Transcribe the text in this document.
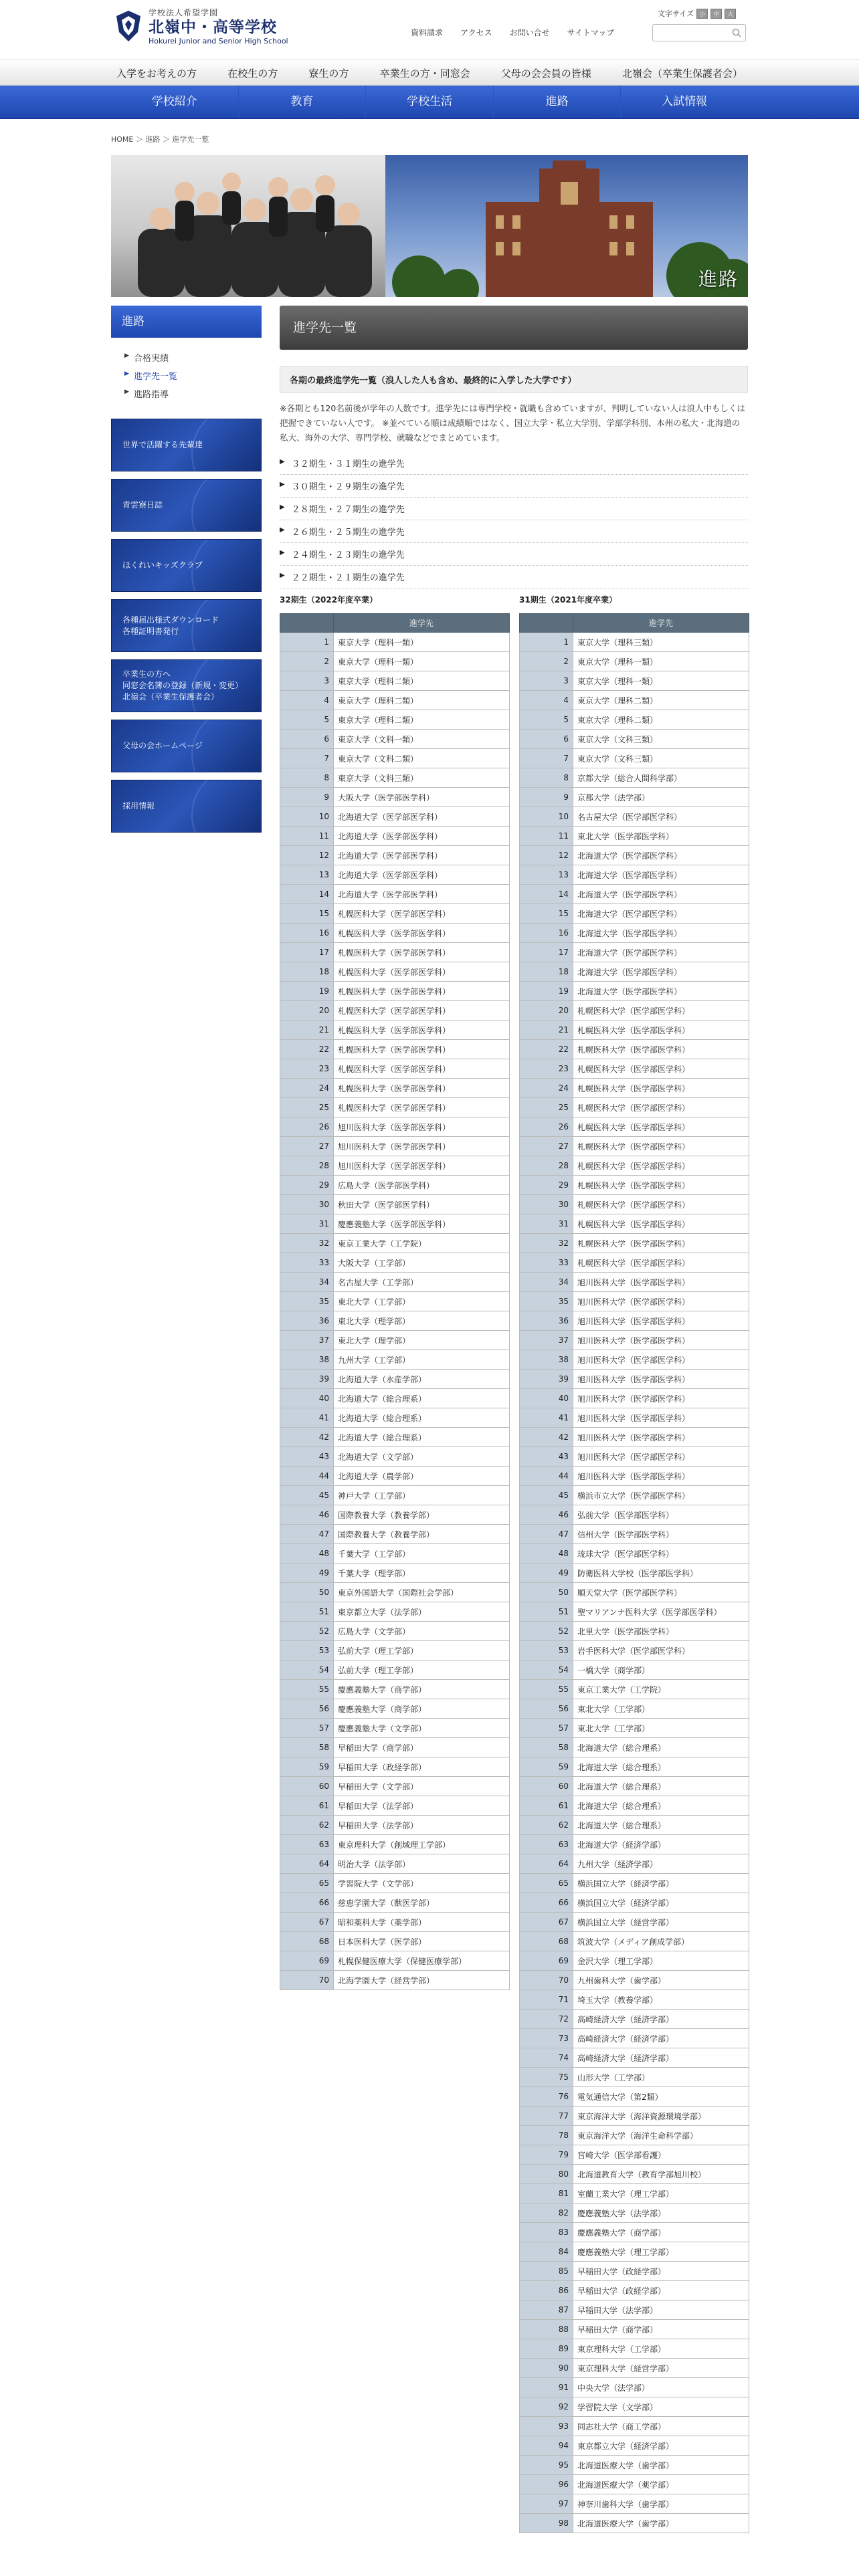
学校法人希望学園
北嶺中・高等学校
Hokurei Junior and Senior High School
資料請求 アクセス お問い合せ サイトマップ
文字サイズ 小	中	大
入学をお考えの方	在校生の方	寮生の方	卒業生の方・同窓会	父母の会会員の皆様	北嶺会（卒業生保護者会）
学校紹介	教育	学校生活	進路	入試情報
HOME ＞ 進路 ＞ 進学先一覧
進路
進路
▶ 合格実績
▶ 進学先一覧
▶ 進路指導
世界で活躍する先輩達
青雲寮日誌
ほくれいキッズクラブ
各種届出様式ダウンロード
各種証明書発行
卒業生の方へ
同窓会名簿の登録（新規・変更）
北嶺会（卒業生保護者会）
父母の会ホームページ
採用情報
進学先一覧
各期の最終進学先一覧（浪人した人も含め、最終的に入学した大学です）
※各期とも120名前後が学年の人数です。進学先には専門学校・就職も含めていますが、判明していない人は浪人中もしくは把握できていない人です。 ※並べている順は成績順ではなく、国立大学・私立大学別、学部学科別、本州の私大・北海道の私大、海外の大学、専門学校、就職などでまとめています。
▶ ３２期生・３１期生の進学先
▶ ３０期生・２９期生の進学先
▶ ２８期生・２７期生の進学先
▶ ２６期生・２５期生の進学先
▶ ２４期生・２３期生の進学先
▶ ２２期生・２１期生の進学先
32期生（2022年度卒業）
	進学先
1	東京大学（理科一類）
2	東京大学（理科一類）
3	東京大学（理科二類）
4	東京大学（理科二類）
5	東京大学（理科二類）
6	東京大学（文科一類）
7	東京大学（文科二類）
8	東京大学（文科三類）
9	大阪大学（医学部医学科）
10	北海道大学（医学部医学科）
11	北海道大学（医学部医学科）
12	北海道大学（医学部医学科）
13	北海道大学（医学部医学科）
14	北海道大学（医学部医学科）
15	札幌医科大学（医学部医学科）
16	札幌医科大学（医学部医学科）
17	札幌医科大学（医学部医学科）
18	札幌医科大学（医学部医学科）
19	札幌医科大学（医学部医学科）
20	札幌医科大学（医学部医学科）
21	札幌医科大学（医学部医学科）
22	札幌医科大学（医学部医学科）
23	札幌医科大学（医学部医学科）
24	札幌医科大学（医学部医学科）
25	札幌医科大学（医学部医学科）
26	旭川医科大学（医学部医学科）
27	旭川医科大学（医学部医学科）
28	旭川医科大学（医学部医学科）
29	広島大学（医学部医学科）
30	秋田大学（医学部医学科）
31	慶應義塾大学（医学部医学科）
32	東京工業大学（工学院）
33	大阪大学（工学部）
34	名古屋大学（工学部）
35	東北大学（工学部）
36	東北大学（理学部）
37	東北大学（理学部）
38	九州大学（工学部）
39	北海道大学（水産学部）
40	北海道大学（総合理系）
41	北海道大学（総合理系）
42	北海道大学（総合理系）
43	北海道大学（文学部）
44	北海道大学（農学部）
45	神戸大学（工学部）
46	国際教養大学（教養学部）
47	国際教養大学（教養学部）
48	千葉大学（工学部）
49	千葉大学（理学部）
50	東京外国語大学（国際社会学部）
51	東京都立大学（法学部）
52	広島大学（文学部）
53	弘前大学（理工学部）
54	弘前大学（理工学部）
55	慶應義塾大学（商学部）
56	慶應義塾大学（商学部）
57	慶應義塾大学（文学部）
58	早稲田大学（商学部）
59	早稲田大学（政経学部）
60	早稲田大学（文学部）
61	早稲田大学（法学部）
62	早稲田大学（法学部）
63	東京理科大学（創域理工学部）
64	明治大学（法学部）
65	学習院大学（文学部）
66	慈恵学園大学（獣医学部）
67	昭和薬科大学（薬学部）
68	日本医科大学（医学部）
69	札幌保健医療大学（保健医療学部）
70	北海学園大学（経営学部）
31期生（2021年度卒業）
	進学先
1	東京大学（理科三類）
2	東京大学（理科一類）
3	東京大学（理科一類）
4	東京大学（理科二類）
5	東京大学（理科二類）
6	東京大学（文科三類）
7	東京大学（文科三類）
8	京都大学（総合人間科学部）
9	京都大学（法学部）
10	名古屋大学（医学部医学科）
11	東北大学（医学部医学科）
12	北海道大学（医学部医学科）
13	北海道大学（医学部医学科）
14	北海道大学（医学部医学科）
15	北海道大学（医学部医学科）
16	北海道大学（医学部医学科）
17	北海道大学（医学部医学科）
18	北海道大学（医学部医学科）
19	北海道大学（医学部医学科）
20	札幌医科大学（医学部医学科）
21	札幌医科大学（医学部医学科）
22	札幌医科大学（医学部医学科）
23	札幌医科大学（医学部医学科）
24	札幌医科大学（医学部医学科）
25	札幌医科大学（医学部医学科）
26	札幌医科大学（医学部医学科）
27	札幌医科大学（医学部医学科）
28	札幌医科大学（医学部医学科）
29	札幌医科大学（医学部医学科）
30	札幌医科大学（医学部医学科）
31	札幌医科大学（医学部医学科）
32	札幌医科大学（医学部医学科）
33	札幌医科大学（医学部医学科）
34	旭川医科大学（医学部医学科）
35	旭川医科大学（医学部医学科）
36	旭川医科大学（医学部医学科）
37	旭川医科大学（医学部医学科）
38	旭川医科大学（医学部医学科）
39	旭川医科大学（医学部医学科）
40	旭川医科大学（医学部医学科）
41	旭川医科大学（医学部医学科）
42	旭川医科大学（医学部医学科）
43	旭川医科大学（医学部医学科）
44	旭川医科大学（医学部医学科）
45	横浜市立大学（医学部医学科）
46	弘前大学（医学部医学科）
47	信州大学（医学部医学科）
48	琉球大学（医学部医学科）
49	防衛医科大学校（医学部医学科）
50	順天堂大学（医学部医学科）
51	聖マリアンナ医科大学（医学部医学科）
52	北里大学（医学部医学科）
53	岩手医科大学（医学部医学科）
54	一橋大学（商学部）
55	東京工業大学（工学院）
56	東北大学（工学部）
57	東北大学（工学部）
58	北海道大学（総合理系）
59	北海道大学（総合理系）
60	北海道大学（総合理系）
61	北海道大学（総合理系）
62	北海道大学（総合理系）
63	北海道大学（経済学部）
64	九州大学（経済学部）
65	横浜国立大学（経済学部）
66	横浜国立大学（経済学部）
67	横浜国立大学（経営学部）
68	筑波大学（メディア創成学部）
69	金沢大学（理工学部）
70	九州歯科大学（歯学部）
71	埼玉大学（教養学部）
72	高崎経済大学（経済学部）
73	高崎経済大学（経済学部）
74	高崎経済大学（経済学部）
75	山形大学（工学部）
76	電気通信大学（第2類）
77	東京海洋大学（海洋資源環境学部）
78	東京海洋大学（海洋生命科学部）
79	宮崎大学（医学部看護）
80	北海道教育大学（教育学部旭川校）
81	室蘭工業大学（理工学部）
82	慶應義塾大学（法学部）
83	慶應義塾大学（商学部）
84	慶應義塾大学（理工学部）
85	早稲田大学（政経学部）
86	早稲田大学（政経学部）
87	早稲田大学（法学部）
88	早稲田大学（商学部）
89	東京理科大学（工学部）
90	東京理科大学（経営学部）
91	中央大学（法学部）
92	学習院大学（文学部）
93	同志社大学（商工学部）
94	東京都立大学（経済学部）
95	北海道医療大学（歯学部）
96	北海道医療大学（薬学部）
97	神奈川歯科大学（歯学部）
98	北海道医療大学（歯学部）
